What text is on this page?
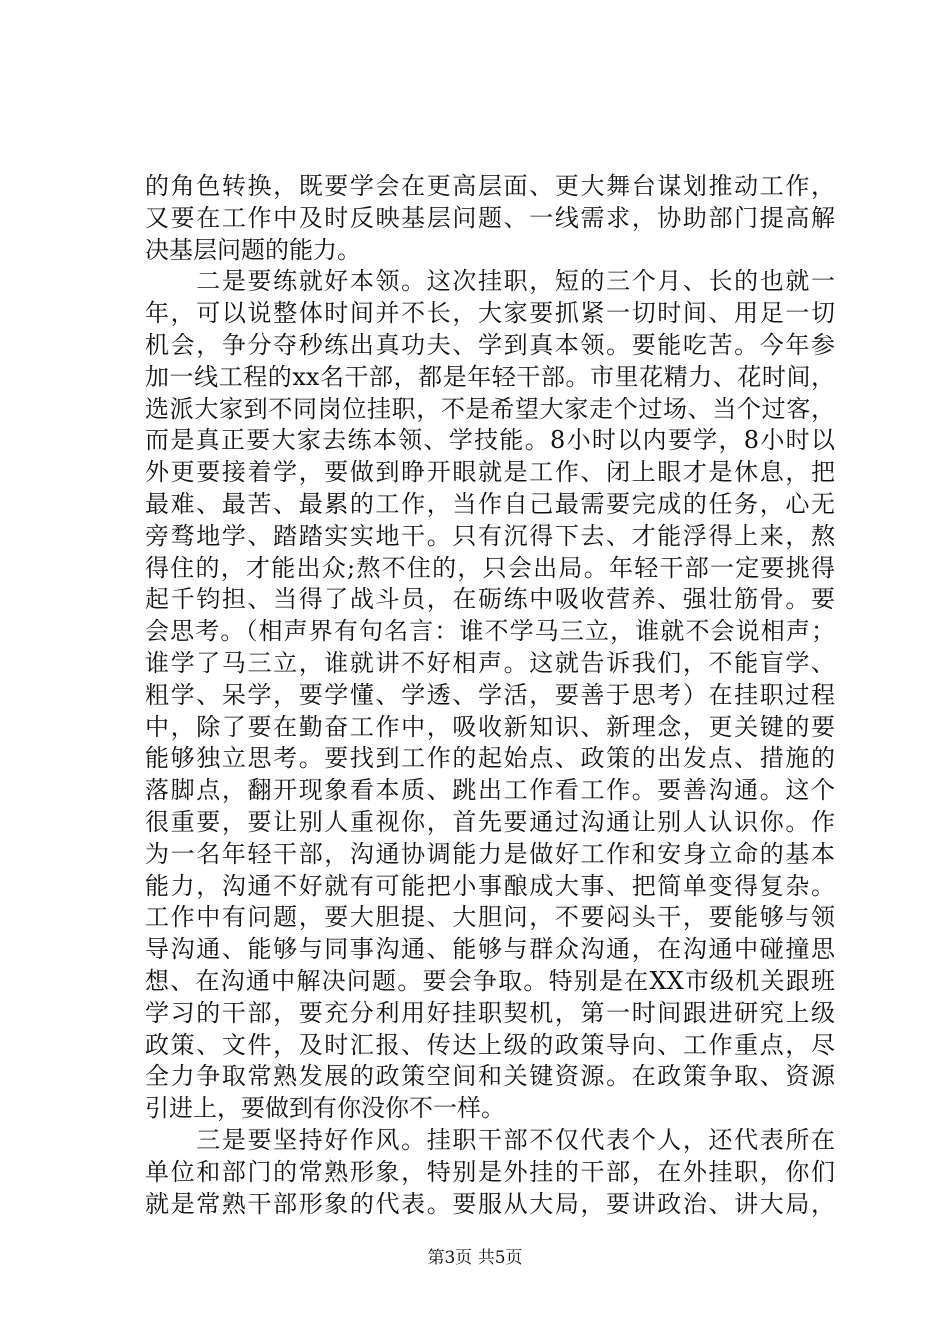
的角色转换，既要学会在更高层面、更大舞台谋划推动工作，
又要在工作中及时反映基层问题、一线需求，协助部门提高解
决基层问题的能力。
　　二是要练就好本领。这次挂职，短的三个月、长的也就一
年，可以说整体时间并不长，大家要抓紧一切时间、用足一切
机会，争分夺秒练出真功夫、学到真本领。要能吃苦。今年参
加一线工程的xx名干部，都是年轻干部。市里花精力、花时间，
选派大家到不同岗位挂职，不是希望大家走个过场、当个过客，
而是真正要大家去练本领、学技能。8小时以内要学，8小时以
外更要接着学，要做到睁开眼就是工作、闭上眼才是休息，把
最难、最苦、最累的工作，当作自己最需要完成的任务，心无
旁骛地学、踏踏实实地干。只有沉得下去、才能浮得上来，熬
得住的，才能出众;熬不住的，只会出局。年轻干部一定要挑得
起千钧担、当得了战斗员，在砺练中吸收营养、强壮筋骨。要
会思考。（相声界有句名言：谁不学马三立，谁就不会说相声；
谁学了马三立，谁就讲不好相声。这就告诉我们，不能盲学、
粗学、呆学，要学懂、学透、学活，要善于思考）在挂职过程
中，除了要在勤奋工作中，吸收新知识、新理念，更关键的要
能够独立思考。要找到工作的起始点、政策的出发点、措施的
落脚点，翻开现象看本质、跳出工作看工作。要善沟通。这个
很重要，要让别人重视你，首先要通过沟通让别人认识你。作
为一名年轻干部，沟通协调能力是做好工作和安身立命的基本
能力，沟通不好就有可能把小事酿成大事、把简单变得复杂。
工作中有问题，要大胆提、大胆问，不要闷头干，要能够与领
导沟通、能够与同事沟通、能够与群众沟通，在沟通中碰撞思
想、在沟通中解决问题。要会争取。特别是在XX市级机关跟班
学习的干部，要充分利用好挂职契机，第一时间跟进研究上级
政策、文件，及时汇报、传达上级的政策导向、工作重点，尽
全力争取常熟发展的政策空间和关键资源。在政策争取、资源
引进上，要做到有你没你不一样。
　　三是要坚持好作风。挂职干部不仅代表个人，还代表所在
单位和部门的常熟形象，特别是外挂的干部，在外挂职，你们
就是常熟干部形象的代表。要服从大局，要讲政治、讲大局，
第3页 共5页
